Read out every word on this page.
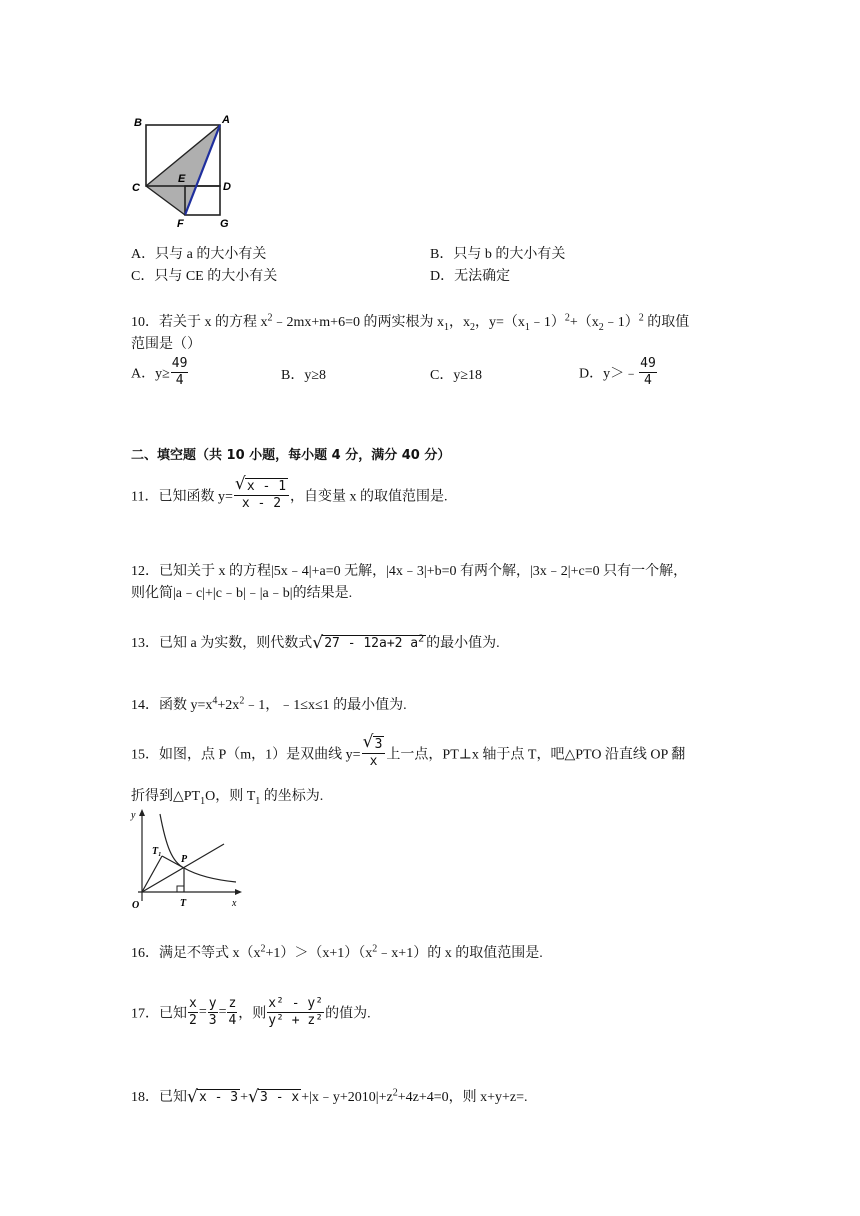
B	A
C
E
D
F	G
A．只与 a 的大小有关	B．只与 b 的大小有关
C．只与 CE 的大小有关	D．无法确定
10．若关于 x 的方程 $x^2﹣2mx+m+6=0$ 的两实根为 $x_1$，$x_2$，$y=(x_1﹣1)^2+(x_2﹣1)^2$ 的取值
范围是（）
A．$y\ge \frac{49}{4}$	B．y≥8	C．y≥18	D．y＞﹣ $\frac{49}{4}$
二、填空题（共 10 小题，每小题 4 分，满分 40 分）
11．已知函数 y= √ $\frac{x - 1}{x - 2}$ ，自变量 x 的取值范围是.
12．已知关于 x 的方程|5x﹣4|+a=0 无解，|4x﹣3|+b=0 有两个解，|3x﹣2|+c=0 只有一个解，
则化简|a﹣c|+|c﹣b|﹣|a﹣b|的结果是.
13．已知 a 为实数，则代数式 √ 27 - 12a+2 $a^2$ 的最小值为.
14．函数 $y=x^4+2x^2﹣1$，﹣1≤x≤1 的最小值为.
15．如图，点 P（m，1）是双曲线 y= √ $\frac{3}{x}$ 上一点，PT⊥x 轴于点 T，吧△PTO 沿直线 OP 翻
折得到$\triangle PT_1O$，则 $T_1$ 的坐标为.
y
x
O	T
P
T₁
16．满足不等式 $x(x^2+1)>(x+1)(x^2﹣x+1)$的 x 的取值范围是.
17．已知 $\frac{x}{2} = \frac{y}{3} = \frac{z}{4}$ ，则 $\frac{\text{x² - y²}}{\text{y² + z²}}$ 的值为.
18．已知 √ x - 3 + √ $3 - x +|x﹣y+2010|+z^2+4z+4=0$，则 x+y+z=.
